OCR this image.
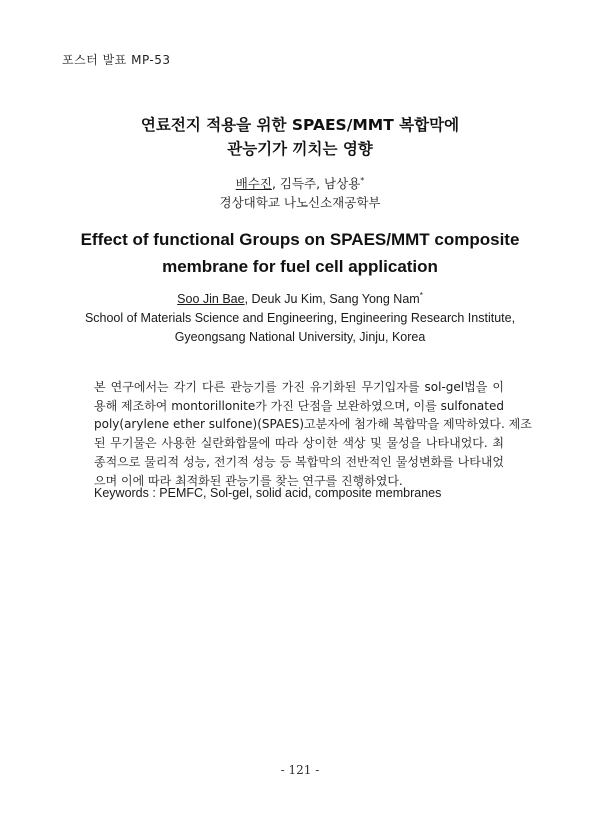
포스터 발표 MP-53
연료전지 적용을 위한 SPAES/MMT 복합막에
관능기가 끼치는 영향
배수진, 김득주, 남상용*
경상대학교 나노신소재공학부
Effect of functional Groups on SPAES/MMT composite
membrane for fuel cell application
Soo Jin Bae, Deuk Ju Kim, Sang Yong Nam*
School of Materials Science and Engineering, Engineering Research Institute,
Gyeongsang National University, Jinju, Korea
본 연구에서는 각기 다른 관능기를 가진 유기화된 무기입자를 sol-gel법을 이
용해 제조하여 montorillonite가 가진 단점을 보완하였으며, 이를 sulfonated
poly(arylene ether sulfone)(SPAES)고분자에 첨가해 복합막을 제막하였다. 제조
된 무기물은 사용한 실란화합물에 따라 상이한 색상 및 물성을 나타내었다. 최
종적으로 물리적 성능, 전기적 성능 등 복합막의 전반적인 물성변화를 나타내었
으며 이에 따라 최적화된 관능기를 찾는 연구를 진행하였다.
Keywords : PEMFC, Sol-gel, solid acid, composite membranes
- 121 -
